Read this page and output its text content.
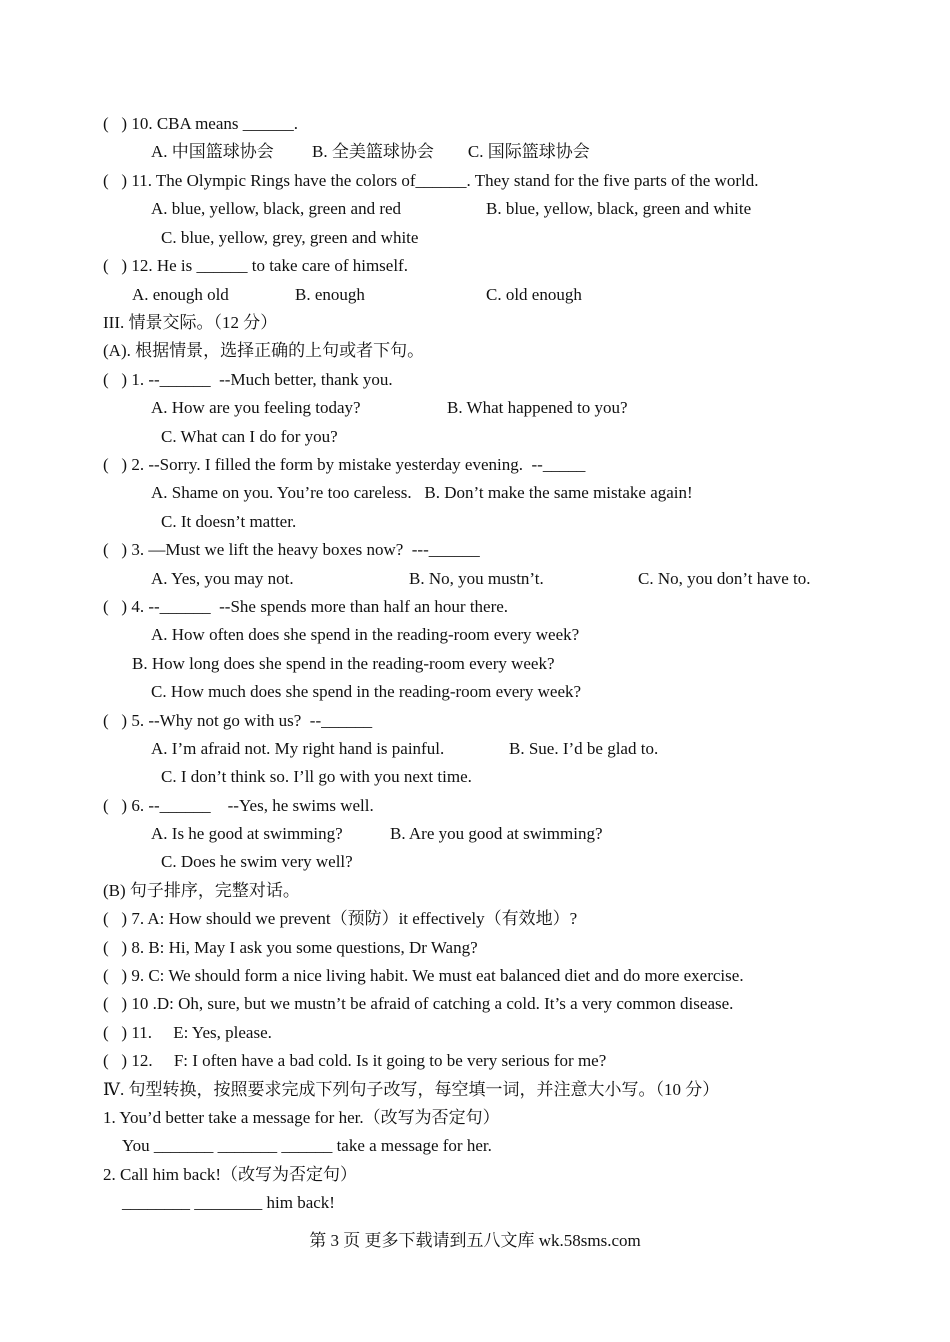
(   ) 10. CBA means ______.
A. 中国篮球协会         B. 全美篮球协会        C. 国际篮球协会
(   ) 11. The Olympic Rings have the colors of______. They stand for the five parts of the world.
A. blue, yellow, black, green and red	B. blue, yellow, black, green and white
C. blue, yellow, grey, green and white
(   ) 12. He is ______ to take care of himself.
A. enough old	B. enough	C. old enough
III. 情景交际。（12 分）
(A). 根据情景，选择正确的上句或者下句。
(   ) 1. --______  --Much better, thank you.
A. How are you feeling today?	B. What happened to you?
C. What can I do for you?
(   ) 2. --Sorry. I filled the form by mistake yesterday evening.  --_____
A. Shame on you. You’re too careless.   B. Don’t make the same mistake again!
C. It doesn’t matter.
(   ) 3. —Must we lift the heavy boxes now?  ---______
A. Yes, you may not.	B. No, you mustn’t.	C. No, you don’t have to.
(   ) 4. --______  --She spends more than half an hour there.
A. How often does she spend in the reading-room every week?
B. How long does she spend in the reading-room every week?
C. How much does she spend in the reading-room every week?
(   ) 5. --Why not go with us?  --______
A. I’m afraid not. My right hand is painful.	B. Sue. I’d be glad to.
C. I don’t think so. I’ll go with you next time.
(   ) 6. --______    --Yes, he swims well.
A. Is he good at swimming?	B. Are you good at swimming?
C. Does he swim very well?
(B) 句子排序，完整对话。
(   ) 7. A: How should we prevent（预防）it effectively（有效地）?
(   ) 8. B: Hi, May I ask you some questions, Dr Wang?
(   ) 9. C: We should form a nice living habit. We must eat balanced diet and do more exercise.
(   ) 10 .D: Oh, sure, but we mustn’t be afraid of catching a cold. It’s a very common disease.
(   ) 11.     E: Yes, please.
(   ) 12.     F: I often have a bad cold. Is it going to be very serious for me?
Ⅳ. 句型转换，按照要求完成下列句子改写，每空填一词，并注意大小写。（10 分）
1. You’d better take a message for her.（改写为否定句）
You _______ _______ ______ take a message for her.
2. Call him back!（改写为否定句）
________ ________ him back!
第 3 页 更多下载请到五八文库 wk.58sms.com
